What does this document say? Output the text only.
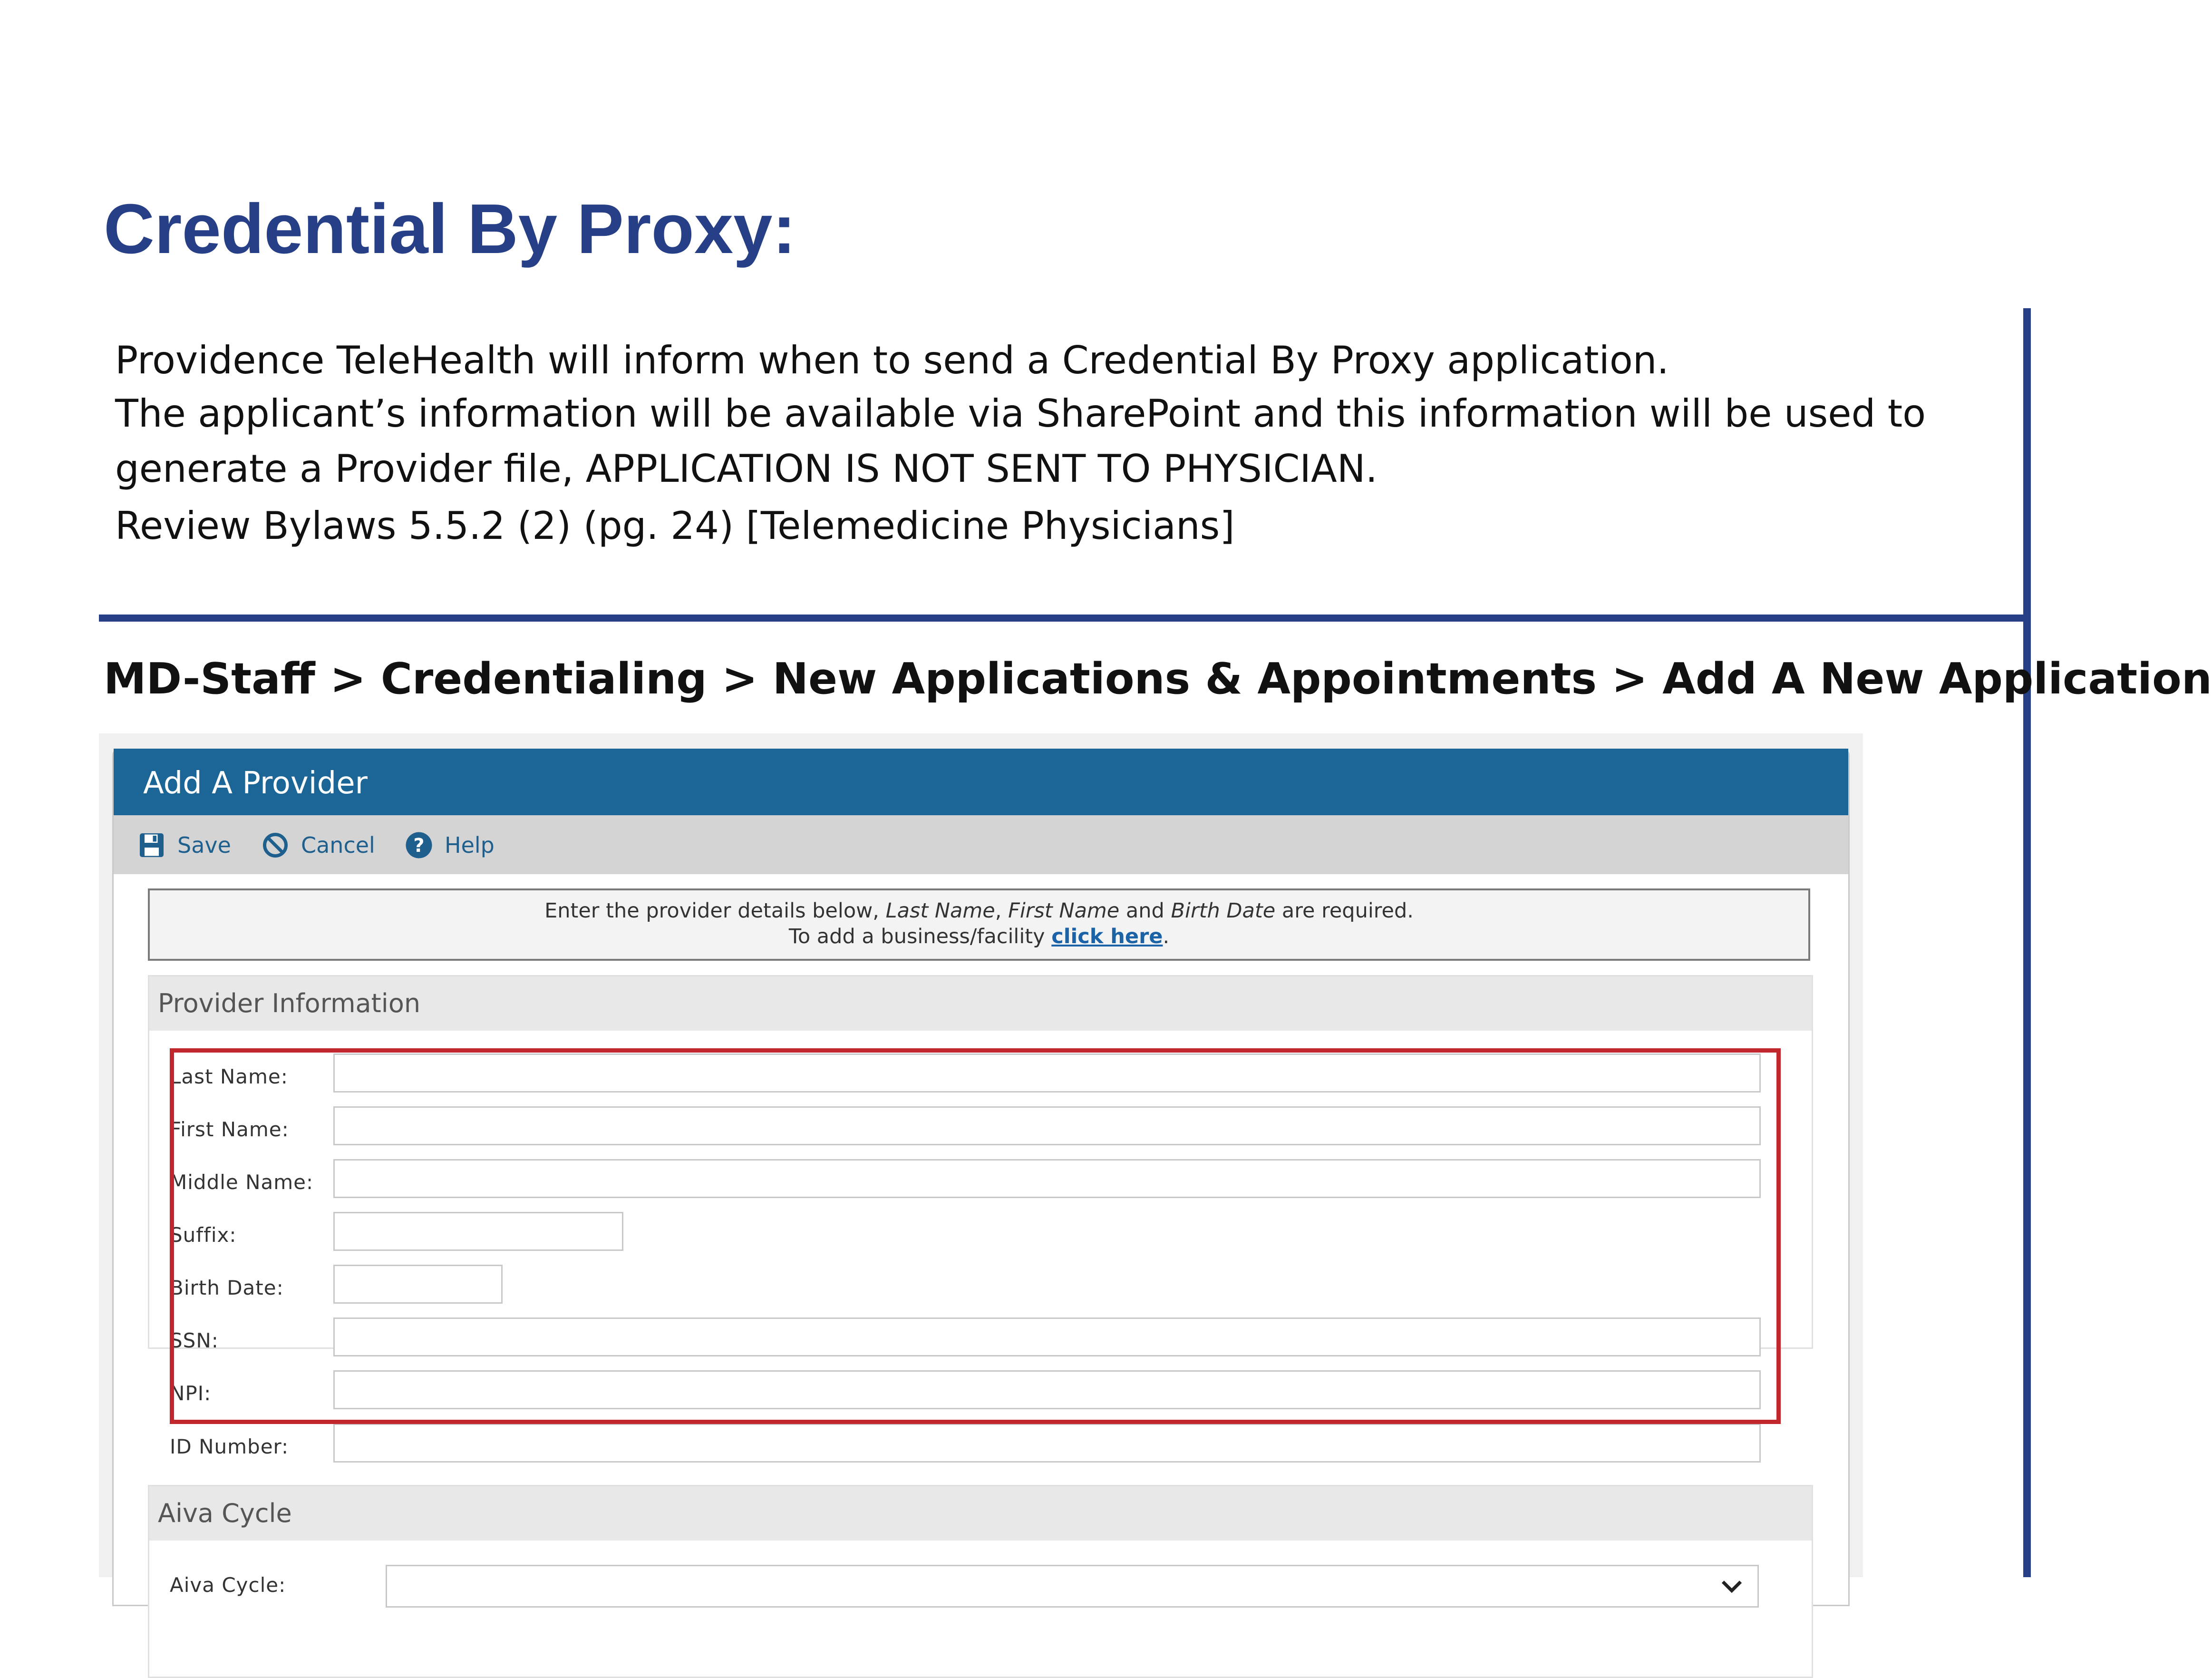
Credential By Proxy:
Providence TeleHealth will inform when to send a Credential By Proxy application.
The applicant’s information will be available via SharePoint and this information will be used to
generate a Provider file, APPLICATION IS NOT SENT TO PHYSICIAN.
Review Bylaws 5.5.2 (2) (pg. 24) [Telemedicine Physicians]
MD-Staff > Credentialing > New Applications & Appointments > Add A New Application
Add A Provider
Save	Cancel	? Help
Enter the provider details below, Last Name, First Name and Birth Date are required.
To add a business/facility click here.
Provider Information
Last Name:
First Name:
Middle Name:
Suffix:
Birth Date:
SSN:
NPI:
ID Number:
Aiva Cycle
Aiva Cycle:
